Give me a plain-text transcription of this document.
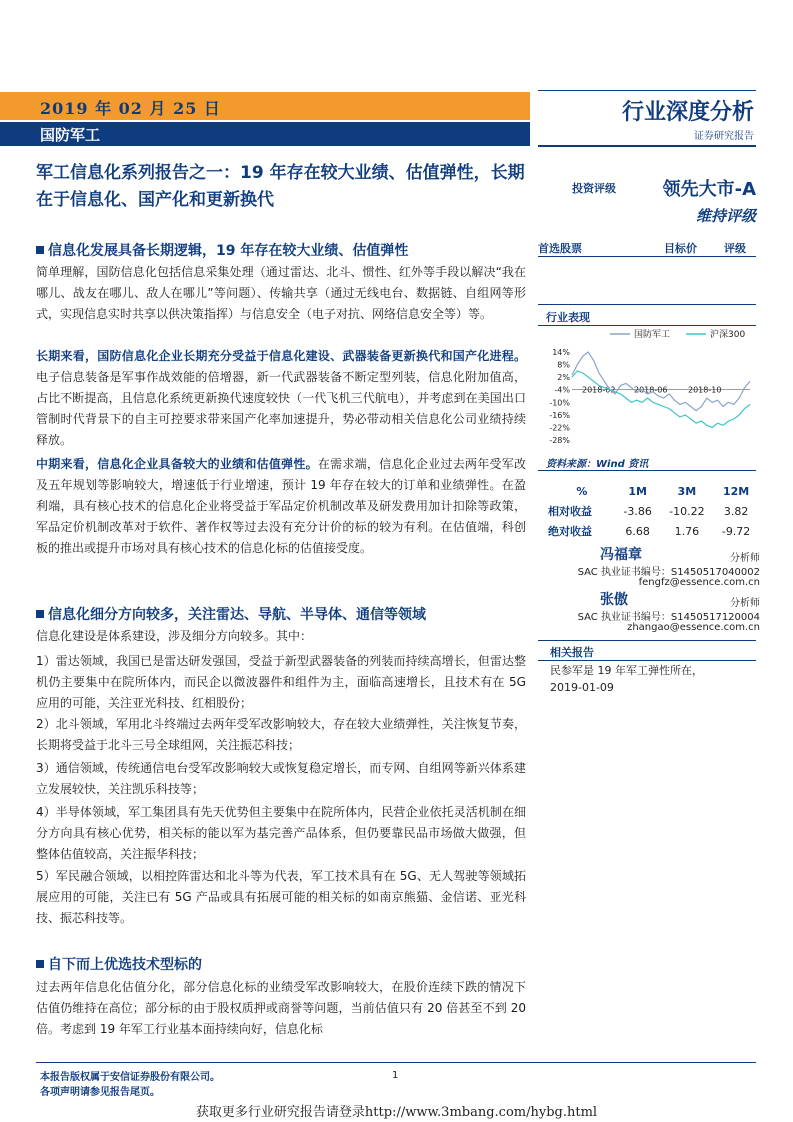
2019 年 02 月 25 日
国防军工
行业深度分析
证券研究报告
军工信息化系列报告之一：19 年存在较大业绩、估值弹性，长期在于信息化、国产化和更新换代
投资评级	领先大市-A
维持评级
信息化发展具备长期逻辑，19 年存在较大业绩、估值弹性
简单理解，国防信息化包括信息采集处理（通过雷达、北斗、惯性、红外等手段以解决“我在哪儿、战友在哪儿、敌人在哪儿”等问题）、传输共享（通过无线电台、数据链、自组网等形式，实现信息实时共享以供决策指挥）与信息安全（电子对抗、网络信息安全等）等。
长期来看，国防信息化企业长期充分受益于信息化建设、武器装备更新换代和国产化进程。电子信息装备是军事作战效能的倍增器，新一代武器装备不断定型列装，信息化附加值高，占比不断提高，且信息化系统更新换代速度较快（一代飞机三代航电），并考虑到在美国出口管制时代背景下的自主可控要求带来国产化率加速提升，势必带动相关信息化公司业绩持续释放。
中期来看，信息化企业具备较大的业绩和估值弹性。在需求端，信息化企业过去两年受军改及五年规划等影响较大，增速低于行业增速，预计 19 年存在较大的订单和业绩弹性。在盈利端，具有核心技术的信息化企业将受益于军品定价机制改革及研发费用加计扣除等政策，军品定价机制改革对于软件、著作权等过去没有充分计价的标的较为有利。在估值端，科创板的推出或提升市场对具有核心技术的信息化标的估值接受度。
信息化细分方向较多，关注雷达、导航、半导体、通信等领域
信息化建设是体系建设，涉及细分方向较多。其中：
1）雷达领域，我国已是雷达研发强国，受益于新型武器装备的列装而持续高增长，但雷达整机仍主要集中在院所体内，而民企以微波器件和组件为主，面临高速增长，且技术有在 5G 应用的可能，关注亚光科技、红相股份；
2）北斗领域，军用北斗终端过去两年受军改影响较大，存在较大业绩弹性，关注恢复节奏，长期将受益于北斗三号全球组网，关注振芯科技；
3）通信领域，传统通信电台受军改影响较大或恢复稳定增长，而专网、自组网等新兴体系建立发展较快，关注凯乐科技等；
4）半导体领域，军工集团具有先天优势但主要集中在院所体内，民营企业依托灵活机制在细分方向具有核心优势，相关标的能以军为基完善产品体系，但仍要靠民品市场做大做强，但整体估值较高，关注振华科技；
5）军民融合领域，以相控阵雷达和北斗等为代表，军工技术具有在 5G、无人驾驶等领域拓展应用的可能，关注已有 5G 产品或具有拓展可能的相关标的如南京熊猫、金信诺、亚光科技、振芯科技等。
自下而上优选技术型标的
过去两年信息化估值分化，部分信息化标的业绩受军改影响较大，在股价连续下跌的情况下估值仍维持在高位；部分标的由于股权质押或商誉等问题，当前估值只有 20 倍甚至不到 20 倍。考虑到 19 年军工行业基本面持续向好，信息化标
首选股票	目标价 评级
行业表现
国防军工	沪深300
14%
8%
2%
-4%
-10%
-16%
-22%
-28%
2018-02 2018-06	2018-10
资料来源：Wind 资讯
%	1M	3M	12M
相对收益	-3.86	-10.22	3.82
绝对收益	6.68	1.76	-9.72
冯福章	分析师
SAC 执业证书编号：S1450517040002
fengfz@essence.com.cn
张傲	分析师
SAC 执业证书编号：S1450517120004
zhangao@essence.com.cn
相关报告
民参军是 19 年军工弹性所在，
2019-01-09
本报告版权属于安信证券股份有限公司。
各项声明请参见报告尾页。
1
获取更多行业研究报告请登录http://www.3mbang.com/hybg.html
